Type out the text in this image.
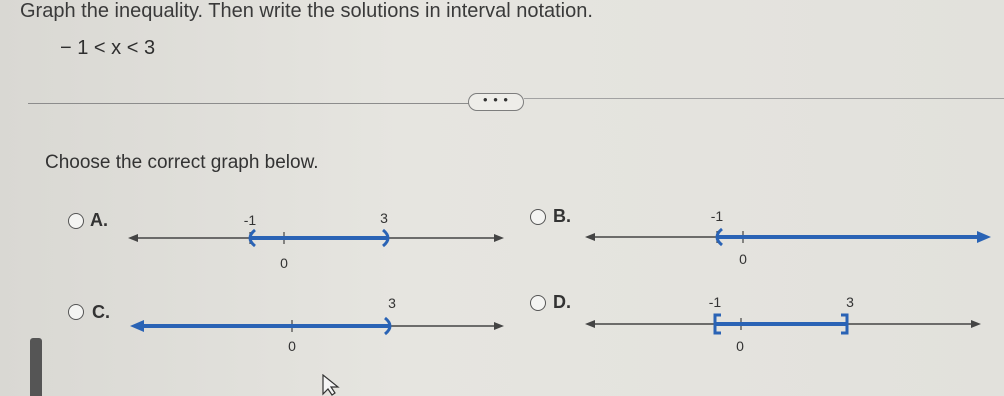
Graph the inequality. Then write the solutions in interval notation.
− 1 < x < 3
• • •
Choose the correct graph below.
A.	-1	3
0
B.	-1
0
C.	3
0
D.	-1	3
0
